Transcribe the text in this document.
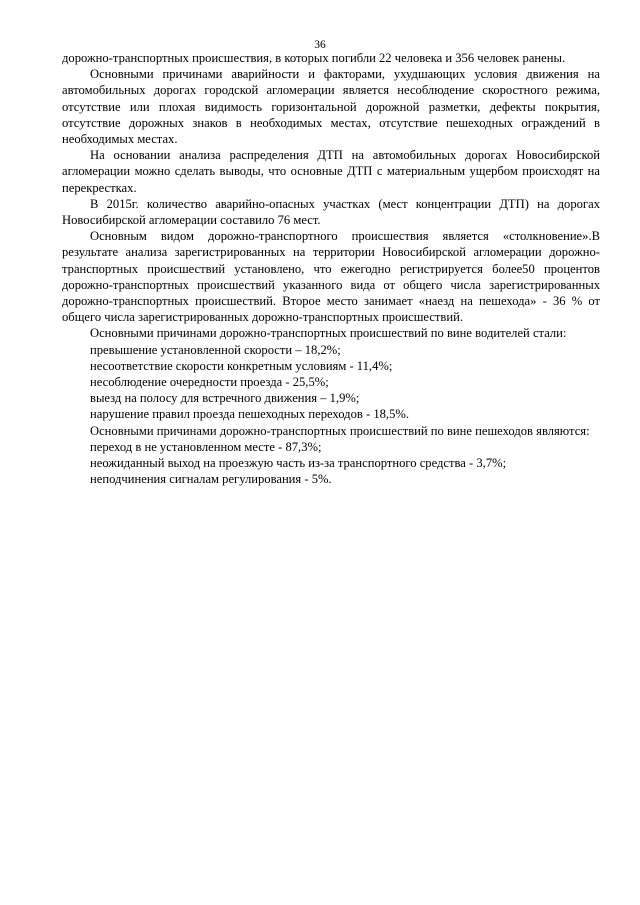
36

дорожно-транспортных происшествия, в которых погибли 22 человека и 356 человек ранены.

Основными причинами аварийности и факторами, ухудшающих условия движения на автомобильных дорогах городской агломерации является несоблюдение скоростного режима, отсутствие или плохая видимость горизонтальной дорожной разметки, дефекты покрытия, отсутствие дорожных знаков в необходимых местах, отсутствие пешеходных ограждений в необходимых местах.

На основании анализа распределения ДТП на автомобильных дорогах Новосибирской агломерации можно сделать выводы, что основные ДТП с материальным ущербом происходят на перекрестках.

В 2015г. количество аварийно-опасных участках (мест концентрации ДТП) на дорогах Новосибирской агломерации составило 76 мест.

Основным видом дорожно-транспортного происшествия является «столкновение».В результате анализа зарегистрированных на территории Новосибирской агломерации дорожно-транспортных происшествий установлено, что ежегодно регистрируется более50 процентов дорожно-транспортных происшествий указанного вида от общего числа зарегистрированных дорожно-транспортных происшествий. Второе место занимает «наезд на пешехода» - 36 % от общего числа зарегистрированных дорожно-транспортных происшествий.

Основными причинами дорожно-транспортных происшествий по вине водителей стали:

превышение установленной скорости – 18,2%;

несоответствие скорости конкретным условиям - 11,4%;

несоблюдение очередности проезда - 25,5%;

выезд на полосу для встречного движения – 1,9%;

нарушение правил проезда пешеходных переходов - 18,5%.

Основными причинами дорожно-транспортных происшествий по вине пешеходов являются:

переход в не установленном месте - 87,3%;

неожиданный выход на проезжую часть из-за транспортного средства - 3,7%;

неподчинения сигналам регулирования - 5%.
